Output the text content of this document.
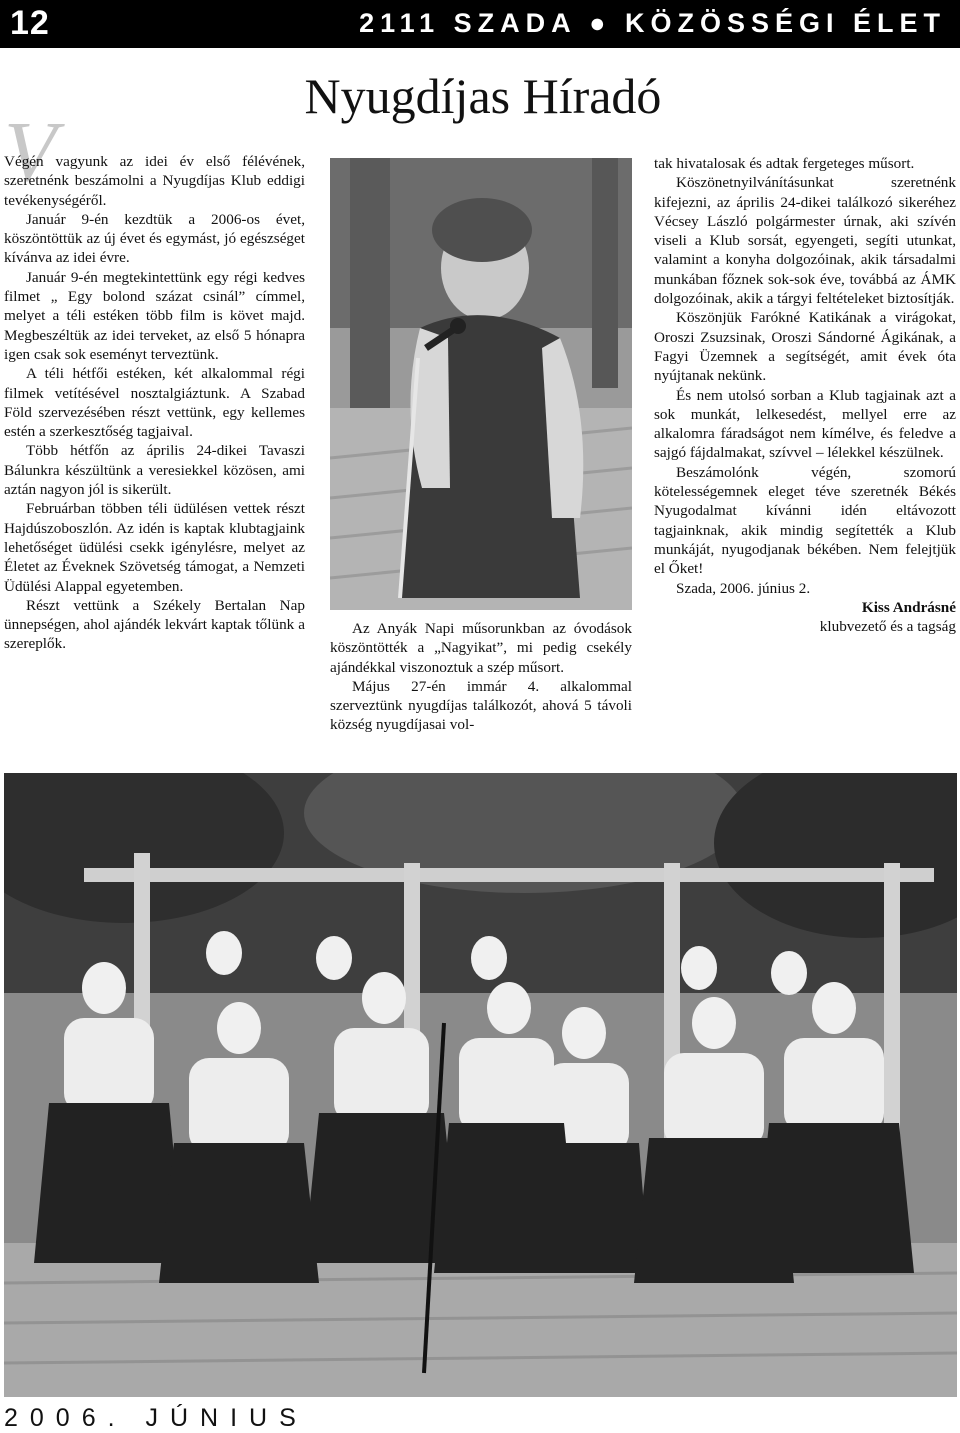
12	2111 SZADA ● KÖZÖSSÉGI ÉLET
Nyugdíjas Híradó
V

Végén vagyunk az idei év első félévének, szeretnénk beszámolni a Nyugdíjas Klub eddigi tevékenységéről.

Január 9-én kezdtük a 2006-os évet, köszöntöttük az új évet és egymást, jó egészséget kívánva az idei évre.

Január 9-én megtekintettünk egy régi kedves filmet „ Egy bolond százat csinál” címmel, melyet a téli estéken több film is követ majd. Megbeszéltük az idei terveket, az első 5 hónapra igen csak sok eseményt terveztünk.

A téli hétfői estéken, két alkalommal régi filmek vetítésével nosztalgiáztunk. A Szabad Föld szervezésében részt vettünk, egy kellemes estén a szerkesztőség tagjaival.

Több hétfőn az április 24-dikei Tavaszi Bálunkra készültünk a veresiekkel közösen, ami aztán nagyon jól is sikerült.

Februárban többen téli üdülésen vettek részt Hajdúszoboszlón. Az idén is kaptak klubtagjaink lehetőséget üdülési csekk igénylésre, melyet az Életet az Éveknek Szövetség támogat, a Nemzeti Üdülési Alappal egyetemben.

Részt vettünk a Székely Bertalan Nap ünnepségen, ahol ajándék lekvárt kaptak tőlünk a szereplők.

Az Anyák Napi műsorunkban az óvodások köszöntötték a „Nagyikat”, mi pedig csekély ajándékkal viszonoztuk a szép műsort.

Május 27-én immár 4. alkalommal szerveztünk nyugdíjas találkozót, ahová 5 távoli község nyugdíjasai vol-

tak hivatalosak és adtak fergeteges műsort.

Köszönetnyilvánításunkat szeretnénk kifejezni, az április 24-dikei találkozó sikeréhez Vécsey László polgármester úrnak, aki szívén viseli a Klub sorsát, egyengeti, segíti utunkat, valamint a konyha dolgozóinak, akik társadalmi munkában főznek sok-sok éve, továbbá az ÁMK dolgozóinak, akik a tárgyi feltételeket biztosítják.

Köszönjük Farókné Katikának a virágokat, Oroszi Zsuzsinak, Oroszi Sándorné Ágikának, a Fagyi Üzemnek a segítségét, amit évek óta nyújtanak nekünk.

És nem utolsó sorban a Klub tagjainak azt a sok munkát, lelkesedést, mellyel erre az alkalomra fáradságot nem kímélve, és feledve a sajgó fájdalmakat, szívvel – lélekkel készülnek.

Beszámolónk végén, szomorú kötelességemnek eleget téve szeretnék Békés Nyugodalmat kívánni idén eltávozott tagjainknak, akik mindig segítették a Klub munkáját, nyugodjanak békében. Nem felejtjük el Őket!

Szada, 2006. június 2.

Kiss Andrásné

klubvezető és a tagság

2006. JÚNIUS
